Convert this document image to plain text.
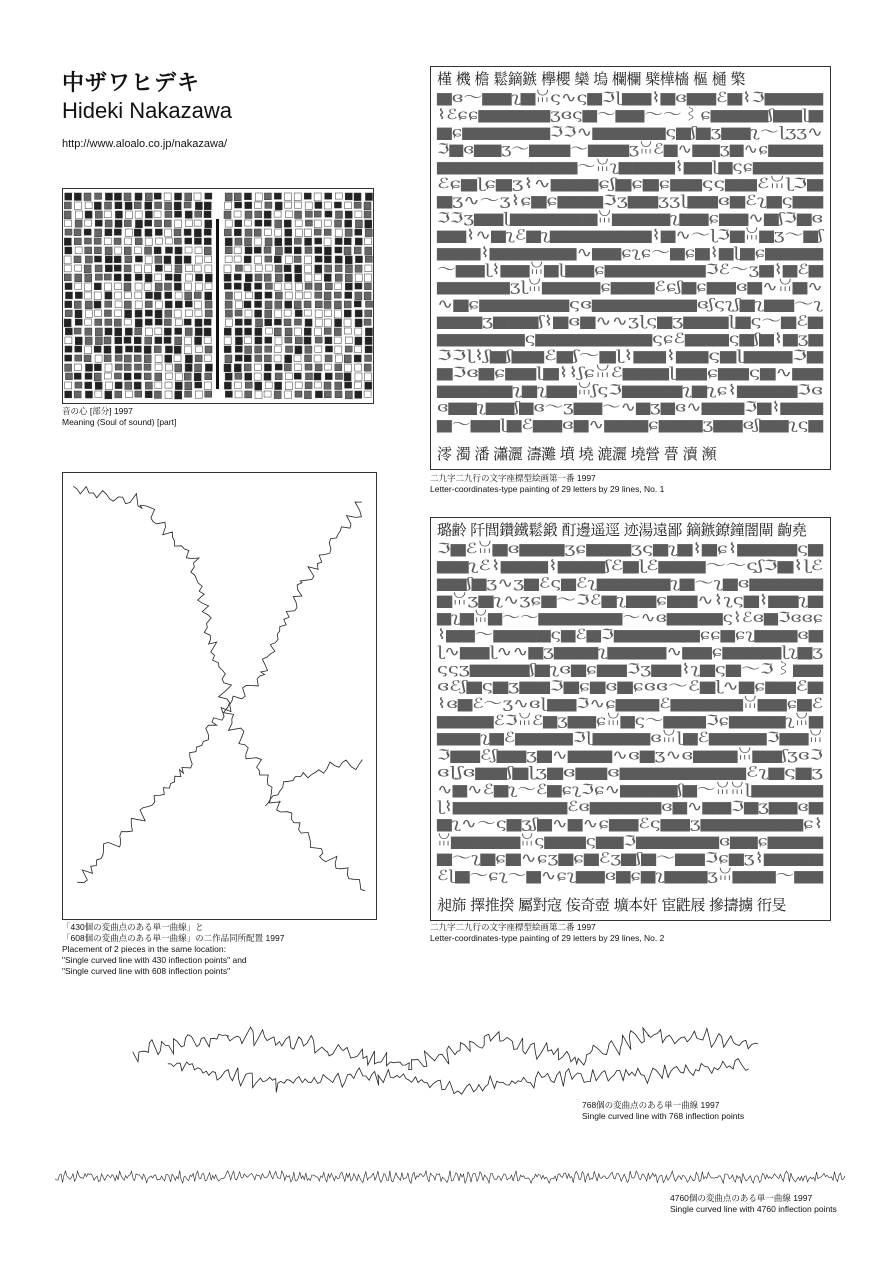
中ザワヒデキ
Hideki Nakazawa
http://www.aloalo.co.jp/nakazawa/
音の心 [部分] 1997
Meaning (Soul of sound) [part]
「430個の変曲点のある単一曲線」と
「608個の変曲点のある単一曲線」の二作品同所配置 1997
Placement of 2 pieces in the same location:
"Single curved line with 430 inflection points" and
"Single curved line with 608 inflection points"
槿 機 檐 鬆鏑鏃 欅櫻 欒 塢 欄欄 檗樺檣 樞 樋 檠
▆ɞ〜▆▆ʅ▆ꈍς∿ς▆ℑɭ▆▆⌇▆ɞ▆▆ℰ▆⌇ℑ▆▆▆▆
⌇ℰɕɕ▆▆▆▆▆ʒɞς▆〜▆▆〜〜⌇ɕ▆▆▆▆ʃ▆▆ɭ▆
▆ɕ▆▆▆▆▆▆ℑℑ∿▆▆▆▆▆ς▆ʃ▆ʒ▆▆ʅ〜ɭʒʒ∿
ℑ▆ɞ▆▆ʒ〜▆▆▆〜▆▆▆ʒꈍℰ▆∿▆▆ʒ▆∿ɕ▆▆▆▆
▆▆▆▆▆▆▆▆▆▆〜ꈍʅ▆▆▆▆⌇▆▆ɭ▆ςɕ▆▆▆▆▆
ℰɕ▆ɭɕ▆ʒ⌇∿▆▆▆ɕʃ▆ɕ▆ɕ▆▆ςς▆▆ℰꈍɭℑ▆
▆ʒ∿〜ʒ⌇ɕ▆ɕ▆▆▆ℑʒ▆▆ʒʒɭ▆▆ɞ▆ℰʅ▆ς▆▆
ℑℑʒ▆▆ɭ▆▆▆▆▆▆ꈍ▆▆▆▆ʅ▆▆ɕ▆▆∿▆ʃℑ▆ɞ
▆▆⌇∿▆ʅℰ▆ʅ▆▆▆▆▆▆▆⌇▆∿〜ɭℑ▆ꈍ▆ʒ〜▆ʃ
▆▆▆⌇▆▆▆▆▆▆∿▆▆ɕʅɕ〜▆ɕ▆⌇▆ɭ▆ɕ▆▆▆▆
〜▆▆ɭ⌇▆▆ꈍ▆ɭ▆▆ɕ▆▆▆▆▆▆▆ℑℰ〜ʒ▆⌇▆ℰ▆
▆▆▆▆▆ʒɭꈍ▆▆▆▆ɕ▆▆▆ℰɕʃ▆ɕ▆▆ɞ▆∿ꈍ▆∿
∿▆ɕ▆▆▆▆▆▆ςɞ▆▆▆▆▆▆▆ɞʃςʅʃ▆ʅ▆▆〜ʅ
▆▆▆ʒ▆▆▆ʃ⌇▆ɞ▆∿∿ʒɭς▆ʒ▆▆▆ɭ▆ς〜▆ℰ▆
▆▆▆▆▆▆ς▆▆▆▆▆▆▆▆ςɕℰ▆▆▆ς▆ʃ▆⌇▆ʒ▆
ℑℑɭ⌇ʃ▆ʃ▆▆ℰ▆ʃ〜▆ɭ⌇▆▆⌇▆▆ς▆ɭ▆▆▆ℑ▆
▆ℑɞ▆ɕ▆▆ɭ▆⌇⌇ʃɕꈍℰ▆▆▆ɭ▆▆ɕ▆▆ς▆∿▆▆
▆▆▆▆▆ʅ▆ʅ▆▆ꈍʃςℑ▆▆▆▆ʅ▆ʅɕ⌇▆▆▆▆ℑɞ
ɞ▆▆ʅ▆▆ʃ▆ɞ〜ʒ▆▆〜∿▆ʒ▆ɞ∿▆▆▆ℑ▆⌇▆▆▆
▆〜▆▆ɭ▆ℰ▆▆ɞ▆∿▆▆▆ɕ▆▆▆ʒ▆▆ɞʃ▆▆ʅς▆
澪 濁 潘 瀟灑 濤灘 墳 墝 漉灑 墝營 瞢 瀆 瀕
二九字二九行の文字座標型絵画第一番 1997
Letter-coordinates-type painting of 29 letters by 29 lines, No. 1
璐齢 阡閭鑽鐵鬆鍛 酊邊遥逕 迹湯遠鄙 鏑鏃鐐鐘闇閘 齣堯
ℑ▆ℰꈍ▆ɞ▆▆▆ʒɕ▆▆▆ʒς▆ʅ▆⌇▆ɕ⌇▆▆▆▆ς▆
▆▆ʅℰ⌇▆▆▆⌇▆▆▆ʃℰ▆ɭℰ▆▆▆〜〜ςʃℑ▆⌇ɭℰ
▆▆ʃ▆ʒ∿ʒ▆ℰς▆ℰʅ▆▆▆▆▆ʅ▆〜ʅ▆ɞ▆▆▆▆▆
▆ꈍʒ▆ʅ∿ʒɕ▆〜ℑℰ▆ʅ▆▆ɕ▆▆∿⌇ʅς▆⌇▆▆ʅ▆
▆ʅ▆ꈍ▆〜〜▆▆▆▆▆▆〜∿ɞ▆▆▆▆ς⌇ℰɞ▆ℑɞɞɕ
⌇▆▆〜▆▆▆▆ς▆ℰ▆ℑ▆▆▆▆▆▆ɕɕ▆ɕʅ▆▆▆ɞ▆
ɭ∿▆▆ɭ∿∿▆ʒ▆▆▆ʅ▆▆▆▆∿▆▆ɕ▆▆▆▆ɭʅ▆ʒ
ςςʒ▆▆▆▆ʃ▆ʅɞ▆ɕ▆▆ℑʒ▆▆⌇ʅ▆ς▆〜ℑ⌇▆▆
ɞℰʃ▆ς▆ʒ▆▆ℑ▆ɕ▆ɞ▆ɕɞɞ〜ℰ▆ɭ∿▆ɕ▆▆ℰ▆
⌇ɞ▆ℰ〜ʒ∿ɞɭ▆▆ℑ∿ɕ▆▆▆ℰ▆▆▆▆▆ꈍ▆▆ɕ▆ℰ
▆▆▆▆ℰℑꈍℰ▆ʒ▆▆ɕꈍ▆ς〜▆▆▆ℑɕ▆▆▆▆ʅꈍ▆
▆▆▆ʅ▆ℰ▆▆▆▆ℑɭ▆▆▆▆ɞꈍɭ▆ℰ▆▆▆▆ℑ▆▆ꈍ
ℑ▆▆ℰʃ▆▆ʒ▆∿▆▆▆∿ɞ▆ʒ∿ɞ▆▆▆ꈍ▆▆ʃʒɞℑ
ɞɭʃɞ▆▆ʃ▆ɭʒ▆ɞ▆▆ɞ▆▆▆▆▆▆▆▆ℰʅ▆ς▆ʒ
∿▆∿ℰ▆ʅ〜ℰ▆ɕʅℑɕ∿▆▆▆▆ʃ▆〜ꈍꈍɭ▆▆▆▆▆
ɭ⌇▆▆▆▆▆▆▆▆ℰɞ▆▆▆▆▆ɞ▆∿▆▆ℑ▆ʒ▆▆ɞ▆
▆ʅ∿〜ς▆ʒʃ▆∿▆∿ɕ▆▆ℰς▆▆ʒ▆▆▆▆▆▆▆ɕ⌇
ꈍ▆▆▆▆▆ꈍς▆▆▆ς▆▆ℑ▆▆▆▆▆▆ɞ▆▆ɕ▆▆▆▆
▆〜ʅ▆ɕ▆∿ɕʒ▆ɕ▆ℰʒ▆ʃ▆〜▆▆ℑɕ▆ʒ⌇▆▆▆▆
ℰɭ▆〜ɕʅ〜▆∿ɕʅ▆▆ɞ▆ɕ▆ʅ▆▆▆ʒꈍ▆▆▆〜▆▆
昶旆 擇推揆 屬對寇 侫奇壺 壙本奸 宦鼪屐 摻擣擄 衎旻
二九字二九行の文字座標型絵画第二番 1997
Letter-coordinates-type painting of 29 letters by 29 lines, No. 2
768個の変曲点のある単一曲線 1997
Single curved line with 768 inflection points
4760個の変曲点のある単一曲線 1997
Single curved line with 4760 inflection points
